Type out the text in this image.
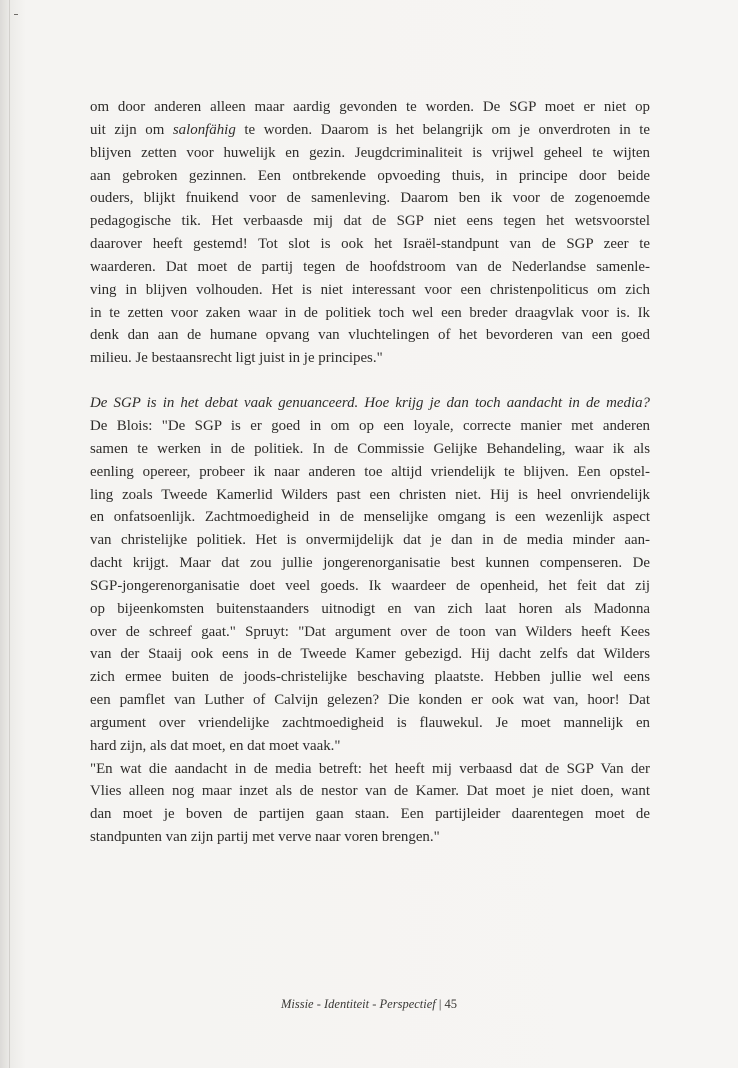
om door anderen alleen maar aardig gevonden te worden. De SGP moet er niet op
uit zijn om salonfähig te worden. Daarom is het belangrijk om je onverdroten in te
blijven zetten voor huwelijk en gezin. Jeugdcriminaliteit is vrijwel geheel te wijten
aan gebroken gezinnen. Een ontbrekende opvoeding thuis, in principe door beide
ouders, blijkt fnuikend voor de samenleving. Daarom ben ik voor de zogenoemde
pedagogische tik. Het verbaasde mij dat de SGP niet eens tegen het wetsvoorstel
daarover heeft gestemd! Tot slot is ook het Israël-standpunt van de SGP zeer te
waarderen. Dat moet de partij tegen de hoofdstroom van de Nederlandse samenle-
ving in blijven volhouden. Het is niet interessant voor een christenpoliticus om zich
in te zetten voor zaken waar in de politiek toch wel een breder draagvlak voor is. Ik
denk dan aan de humane opvang van vluchtelingen of het bevorderen van een goed
milieu. Je bestaansrecht ligt juist in je principes."
De SGP is in het debat vaak genuanceerd. Hoe krijg je dan toch aandacht in de media?
De Blois: "De SGP is er goed in om op een loyale, correcte manier met anderen
samen te werken in de politiek. In de Commissie Gelijke Behandeling, waar ik als
eenling opereer, probeer ik naar anderen toe altijd vriendelijk te blijven. Een opstel-
ling zoals Tweede Kamerlid Wilders past een christen niet. Hij is heel onvriendelijk
en onfatsoenlijk. Zachtmoedigheid in de menselijke omgang is een wezenlijk aspect
van christelijke politiek. Het is onvermijdelijk dat je dan in de media minder aan-
dacht krijgt. Maar dat zou jullie jongerenorganisatie best kunnen compenseren. De
SGP-jongerenorganisatie doet veel goeds. Ik waardeer de openheid, het feit dat zij
op bijeenkomsten buitenstaanders uitnodigt en van zich laat horen als Madonna
over de schreef gaat." Spruyt: "Dat argument over de toon van Wilders heeft Kees
van der Staaij ook eens in de Tweede Kamer gebezigd. Hij dacht zelfs dat Wilders
zich ermee buiten de joods-christelijke beschaving plaatste. Hebben jullie wel eens
een pamflet van Luther of Calvijn gelezen? Die konden er ook wat van, hoor! Dat
argument over vriendelijke zachtmoedigheid is flauwekul. Je moet mannelijk en
hard zijn, als dat moet, en dat moet vaak."
"En wat die aandacht in de media betreft: het heeft mij verbaasd dat de SGP Van der
Vlies alleen nog maar inzet als de nestor van de Kamer. Dat moet je niet doen, want
dan moet je boven de partijen gaan staan. Een partijleider daarentegen moet de
standpunten van zijn partij met verve naar voren brengen."
Missie - Identiteit - Perspectief | 45
